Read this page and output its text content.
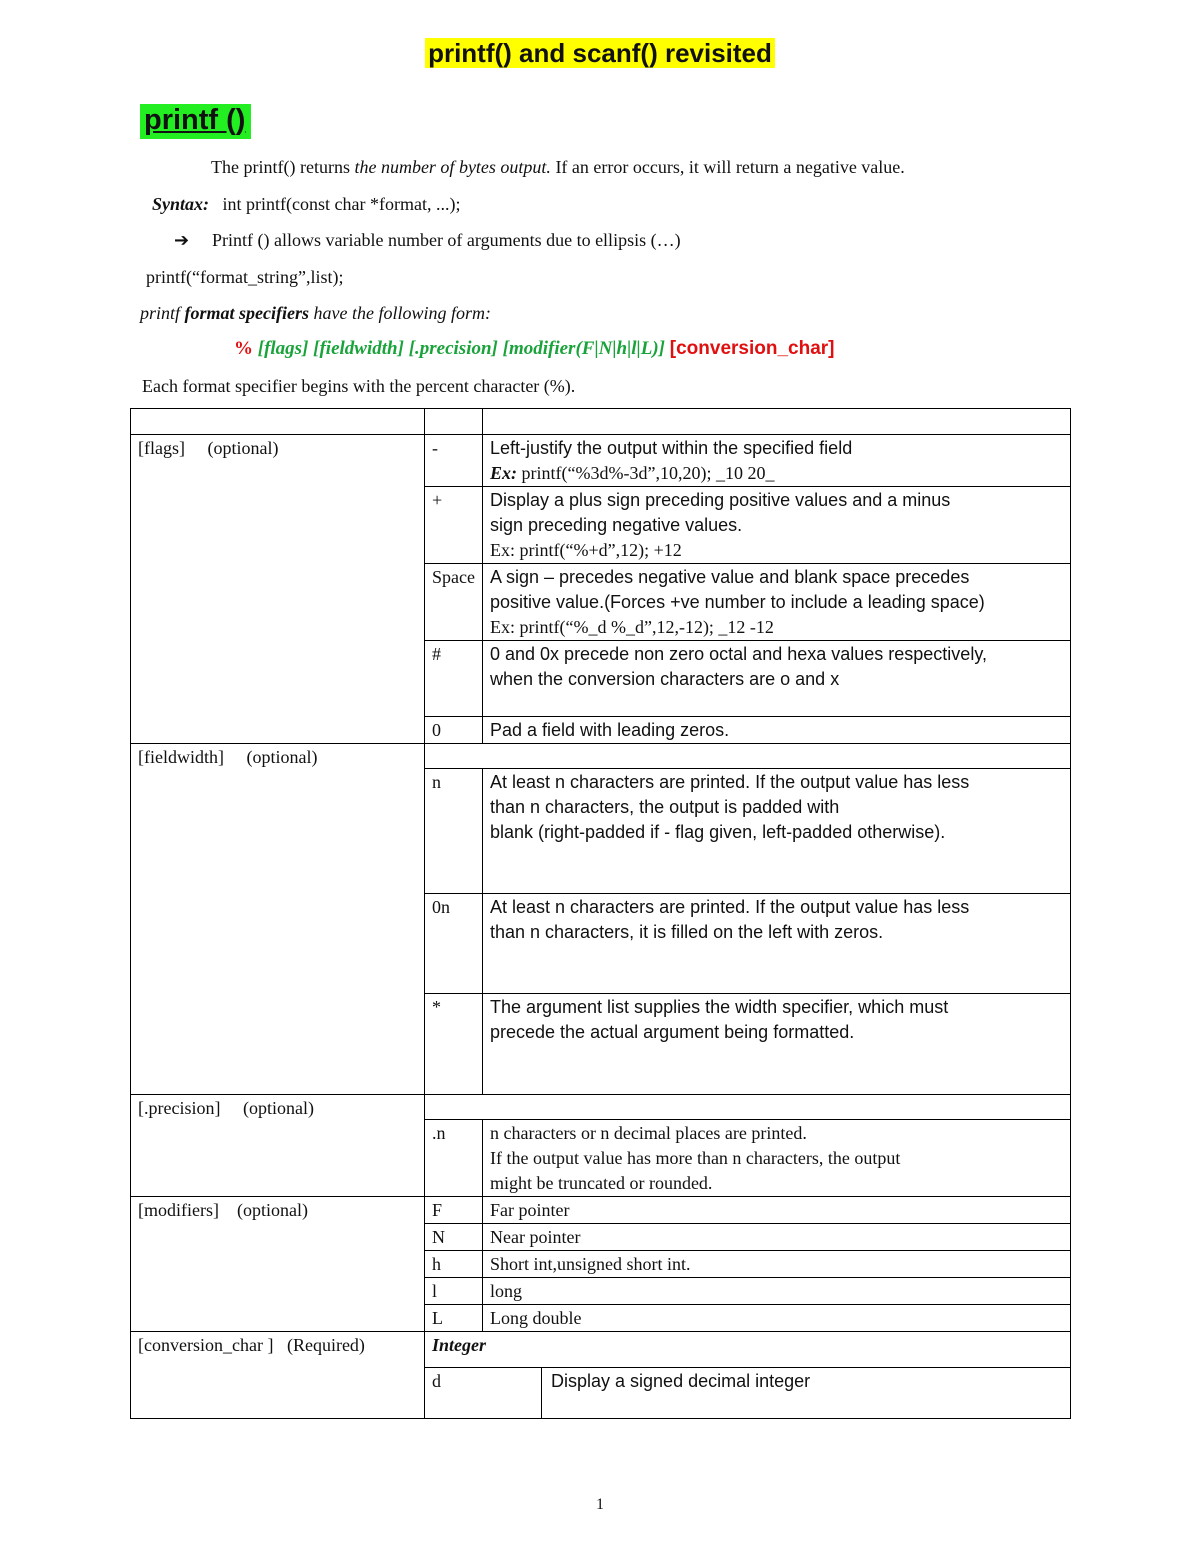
printf() and scanf() revisited
printf ()
The printf() returns the number of bytes output. If an error occurs, it will return a negative value.
Syntax: int printf(const char *format, ...);
➔ Printf () allows variable number of arguments due to ellipsis (…)
printf(“format_string”,list);
printf format specifiers have the following form:
% [flags] [fieldwidth] [.precision] [modifier(F|N|h|l|L)] [conversion_char]
Each format specifier begins with the percent character (%).

[flags] (optional)	-	Left-justify the output within the specified field
Ex: printf(“%3d%-3d”,10,20); _10 20_

	+	Display a plus sign preceding positive values and a minus
sign preceding negative values.
Ex: printf(“%+d”,12); +12

	Space	A sign – precedes negative value and blank space precedes
positive value.(Forces +ve number to include a leading space)
Ex: printf(“%_d %_d”,12,-12); _12 -12

	#	0 and 0x precede non zero octal and hexa values respectively,
when the conversion characters are o and x

	0	Pad a field with leading zeros.

[fieldwidth] (optional)		
	n	At least n characters are printed. If the output value has less
than n characters, the output is padded with
blank (right-padded if - flag given, left-padded otherwise).

	0n	At least n characters are printed. If the output value has less
than n characters, it is filled on the left with zeros.

	*	The argument list supplies the width specifier, which must
precede the actual argument being formatted.

[.precision] (optional)		
	.n	n characters or n decimal places are printed.
If the output value has more than n characters, the output
might be truncated or rounded.

[modifiers] (optional)	F	Far pointer
	N	Near pointer
	h	Short int,unsigned short int.
	l	long
	L	Long double
[conversion_char ] (Required)	Integer	

	d Display a signed decimal integer	
1
